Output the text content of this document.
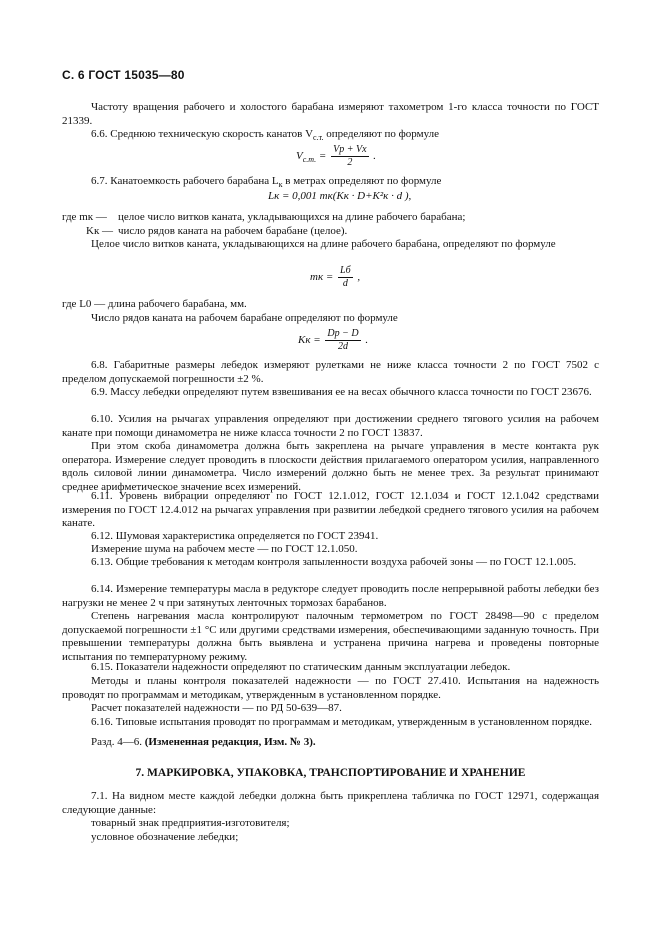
С. 6 ГОСТ 15035—80
Частоту вращения рабочего и холостого барабана измеряют тахометром 1-го класса точности по ГОСТ 21339.
6.6. Среднюю техническую скорость канатов $V_{с.т.}$ определяют по формуле
$V_{с.т.} = \frac{Vр + Vх}{2}$ .
6.7. Канатоемкость рабочего барабана $L_к$ в метрах определяют по формуле
Lк = 0,001 mк(Kк · D+K²к · d ),
где mк — целое число витков каната, укладывающихся на длине рабочего барабана;
Kк — число рядов каната на рабочем барабане (целое).
Целое число витков каната, укладывающихся на длине рабочего барабана, определяют по формуле
mк = $\frac{Lб}{d}$ ,
где L0 — длина рабочего барабана, мм.
Число рядов каната на рабочем барабане определяют по формуле
Kк = $\frac{Dр - D}{2d}$ .
6.8. Габаритные размеры лебедок измеряют рулетками не ниже класса точности 2 по ГОСТ 7502 с пределом допускаемой погрешности ±2 %.
6.9. Массу лебедки определяют путем взвешивания ее на весах обычного класса точности по ГОСТ 23676.
6.10. Усилия на рычагах управления определяют при достижении среднего тягового усилия на рабочем канате при помощи динамометра не ниже класса точности 2 по ГОСТ 13837.
При этом скоба динамометра должна быть закреплена на рычаге управления в месте контакта рук оператора. Измерение следует проводить в плоскости действия прилагаемого оператором усилия, направленного вдоль силовой линии динамометра. Число измерений должно быть не менее трех. За результат принимают среднее арифметическое значение всех измерений.
6.11. Уровень вибрации определяют по ГОСТ 12.1.012, ГОСТ 12.1.034 и ГОСТ 12.1.042 средствами измерения по ГОСТ 12.4.012 на рычагах управления при развитии лебедкой среднего тягового усилия на рабочем канате.
6.12. Шумовая характеристика определяется по ГОСТ 23941.
Измерение шума на рабочем месте — по ГОСТ 12.1.050.
6.13. Общие требования к методам контроля запыленности воздуха рабочей зоны — по ГОСТ 12.1.005.
6.14. Измерение температуры масла в редукторе следует проводить после непрерывной работы лебедки без нагрузки не менее 2 ч при затянутых ленточных тормозах барабанов.
Степень нагревания масла контролируют палочным термометром по ГОСТ 28498—90 с пределом допускаемой погрешности ±1 °С или другими средствами измерения, обеспечивающими заданную точность. При превышении температуры должна быть выявлена и устранена причина нагрева и проведены повторные испытания по температурному режиму.
6.15. Показатели надежности определяют по статическим данным эксплуатации лебедок.
Методы и планы контроля показателей надежности — по ГОСТ 27.410. Испытания на надежность проводят по программам и методикам, утвержденным в установленном порядке.
Расчет показателей надежности — по РД 50-639—87.
6.16. Типовые испытания проводят по программам и методикам, утвержденным в установленном порядке.
Разд. 4—6. (Измененная редакция, Изм. № 3).
7. МАРКИРОВКА, УПАКОВКА, ТРАНСПОРТИРОВАНИЕ И ХРАНЕНИЕ
7.1. На видном месте каждой лебедки должна быть прикреплена табличка по ГОСТ 12971, содержащая следующие данные:
товарный знак предприятия-изготовителя;
условное обозначение лебедки;
